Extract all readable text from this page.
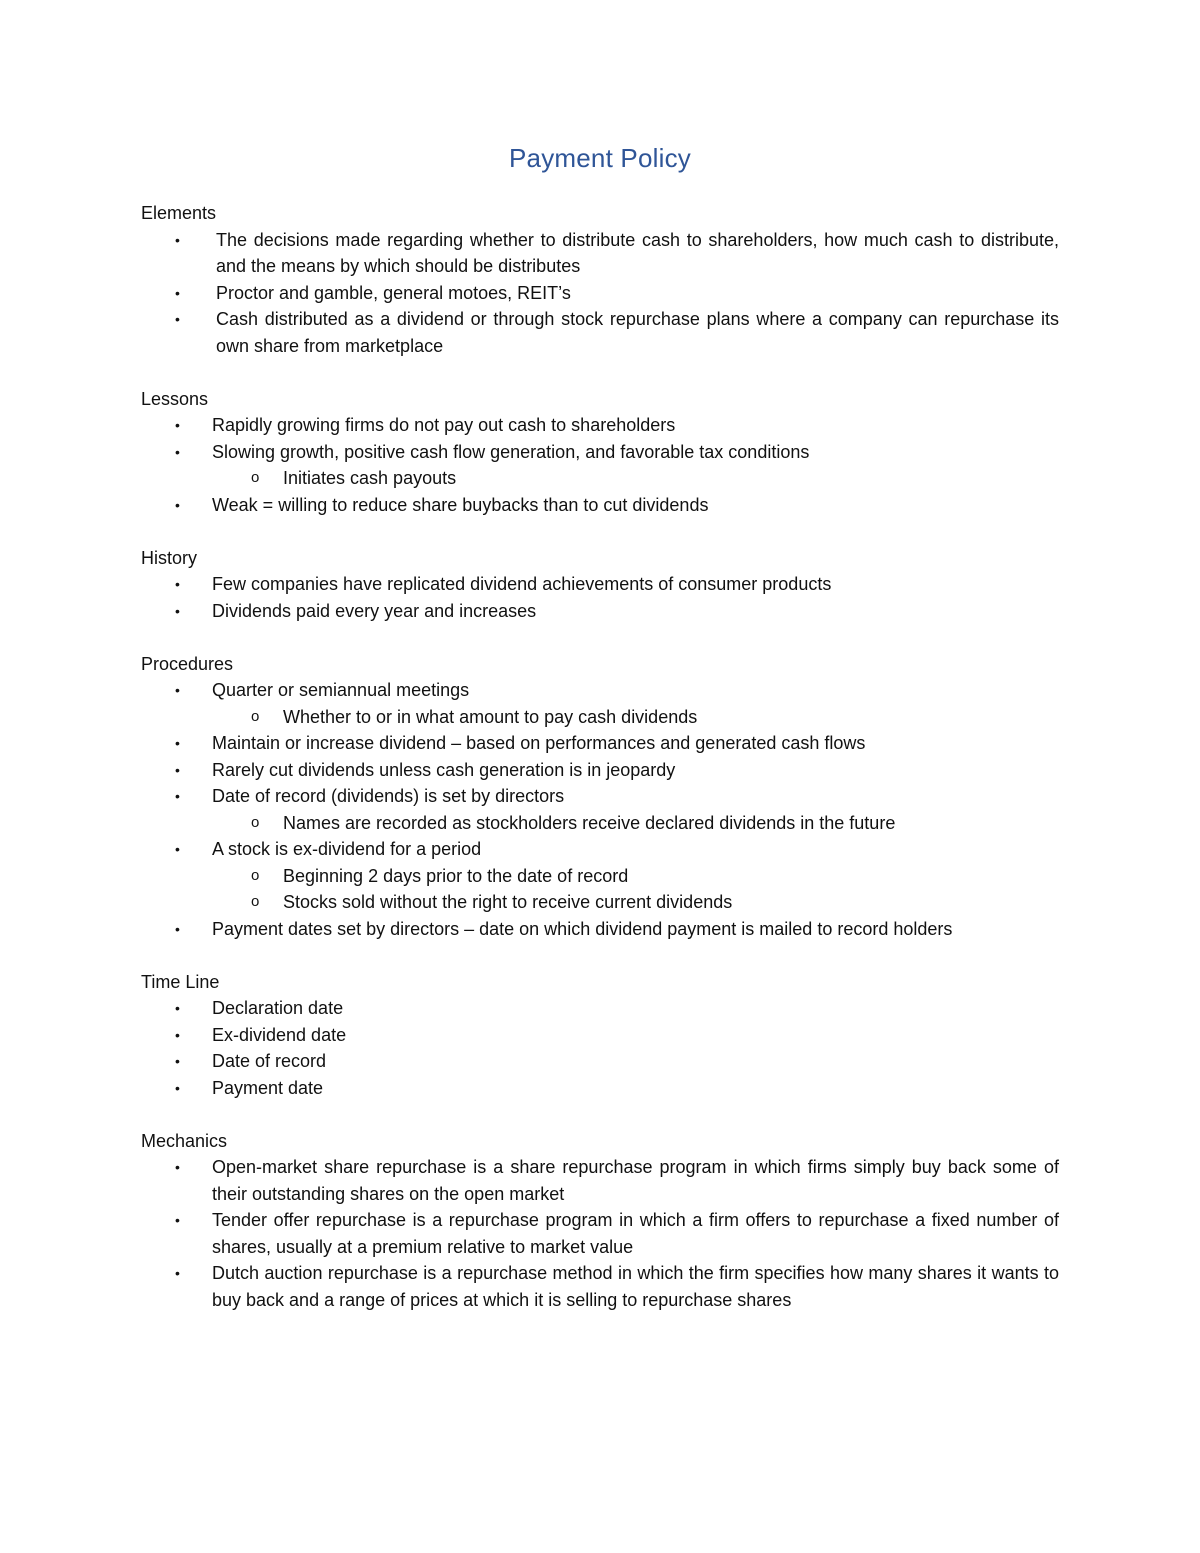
Payment Policy
Elements
• The decisions made regarding whether to distribute cash to shareholders, how much cash to distribute, and the means by which should be distributes
• Proctor and gamble, general motoes, REIT’s
• Cash distributed as a dividend or through stock repurchase plans where a company can repurchase its own share from marketplace
Lessons
• Rapidly growing firms do not pay out cash to shareholders
• Slowing growth, positive cash flow generation, and favorable tax conditions
o Initiates cash payouts
• Weak = willing to reduce share buybacks than to cut dividends
History
• Few companies have replicated dividend achievements of consumer products
• Dividends paid every year and increases
Procedures
• Quarter or semiannual meetings
o Whether to or in what amount to pay cash dividends
• Maintain or increase dividend – based on performances and generated cash flows
• Rarely cut dividends unless cash generation is in jeopardy
• Date of record (dividends) is set by directors
o Names are recorded as stockholders receive declared dividends in the future
• A stock is ex-dividend for a period
o Beginning 2 days prior to the date of record
o Stocks sold without the right to receive current dividends
• Payment dates set by directors – date on which dividend payment is mailed to record holders
Time Line
• Declaration date
• Ex-dividend date
• Date of record
• Payment date
Mechanics
• Open-market share repurchase is a share repurchase program in which firms simply buy back some of their outstanding shares on the open market
• Tender offer repurchase is a repurchase program in which a firm offers to repurchase a fixed number of shares, usually at a premium relative to market value
• Dutch auction repurchase is a repurchase method in which the firm specifies how many shares it wants to buy back and a range of prices at which it is selling to repurchase shares
